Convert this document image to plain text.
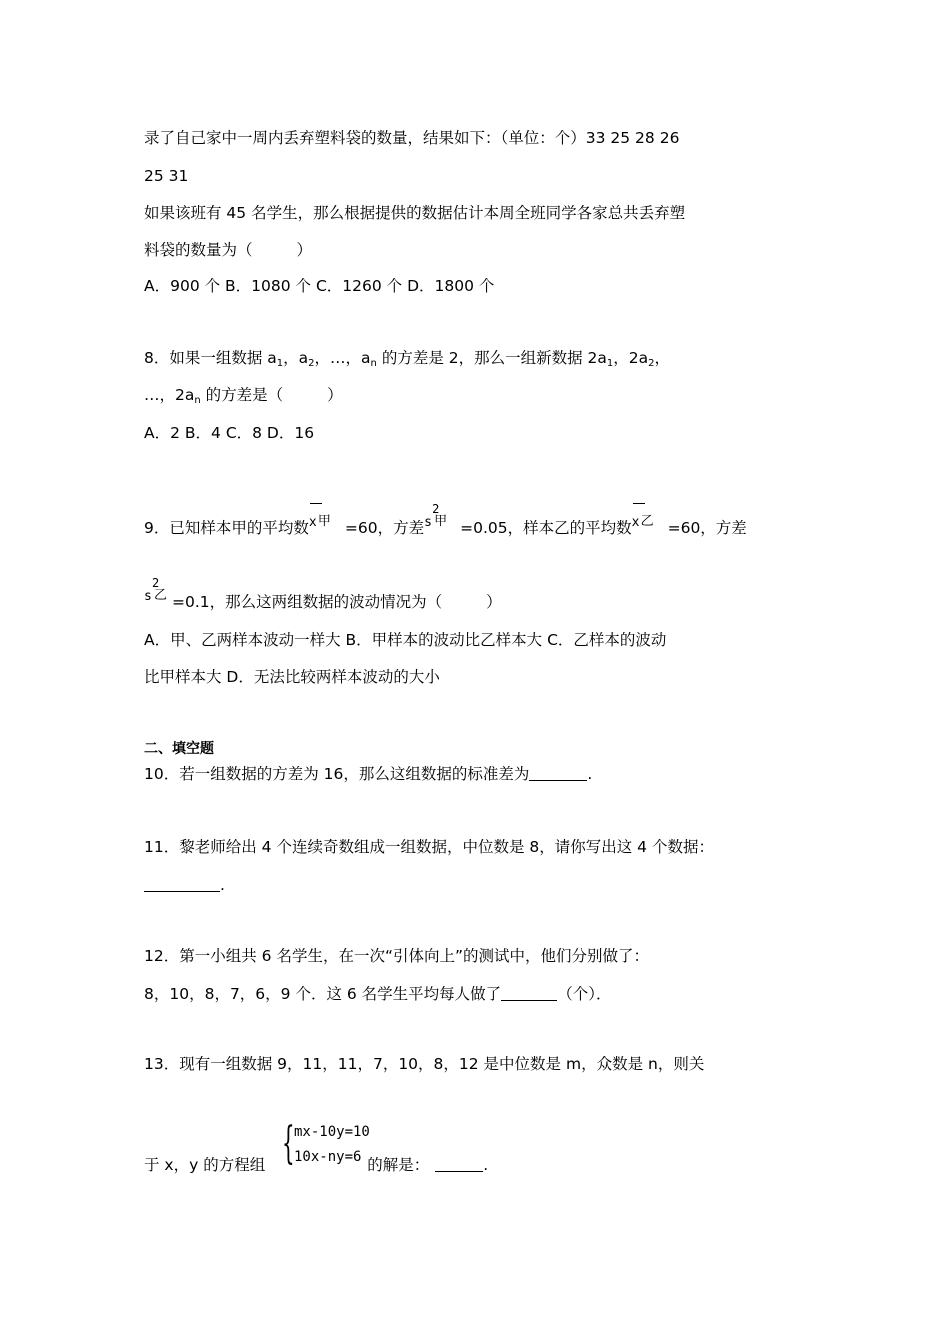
录了自己家中一周内丢弃塑料袋的数量，结果如下：（单位：个）33 25 28 26
25 31
如果该班有 45 名学生，那么根据提供的数据估计本周全班同学各家总共丢弃塑
料袋的数量为（	）
A．900 个 B．1080 个 C．1260 个 D．1800 个
8．如果一组数据 $a_1$，$a_2$，…，$a_n$ 的方差是 2，那么一组新数据 $2a_1$，$2a_2$，
…，$2a_n$ 的方差是（	）
A．2 B．4 C．8 D．16
9．已知样本甲的平均数 x 甲 =60，方差 s
2
甲 =0.05，样本乙的平均数 x 乙 =60，方差
s
2
乙 =0.1，那么这两组数据的波动情况为（	）
A．甲、乙两样本波动一样大 B．甲样本的波动比乙样本大 C．乙样本的波动
比甲样本大 D．无法比较两样本波动的大小
二、填空题
10．若一组数据的方差为 16，那么这组数据的标准差为	.
11．黎老师给出 4 个连续奇数组成一组数据，中位数是 8，请你写出这 4 个数据：
.
12．第一小组共 6 名学生，在一次“引体向上”的测试中，他们分别做了：
8，10，8，7，6，9 个．这 6 名学生平均每人做了	（个）．
13．现有一组数据 9，11，11，7，10，8，12 是中位数是 m，众数是 n，则关
于 x，y 的方程组	的解是：	.
{ mx-10y=10
10x-ny=6
